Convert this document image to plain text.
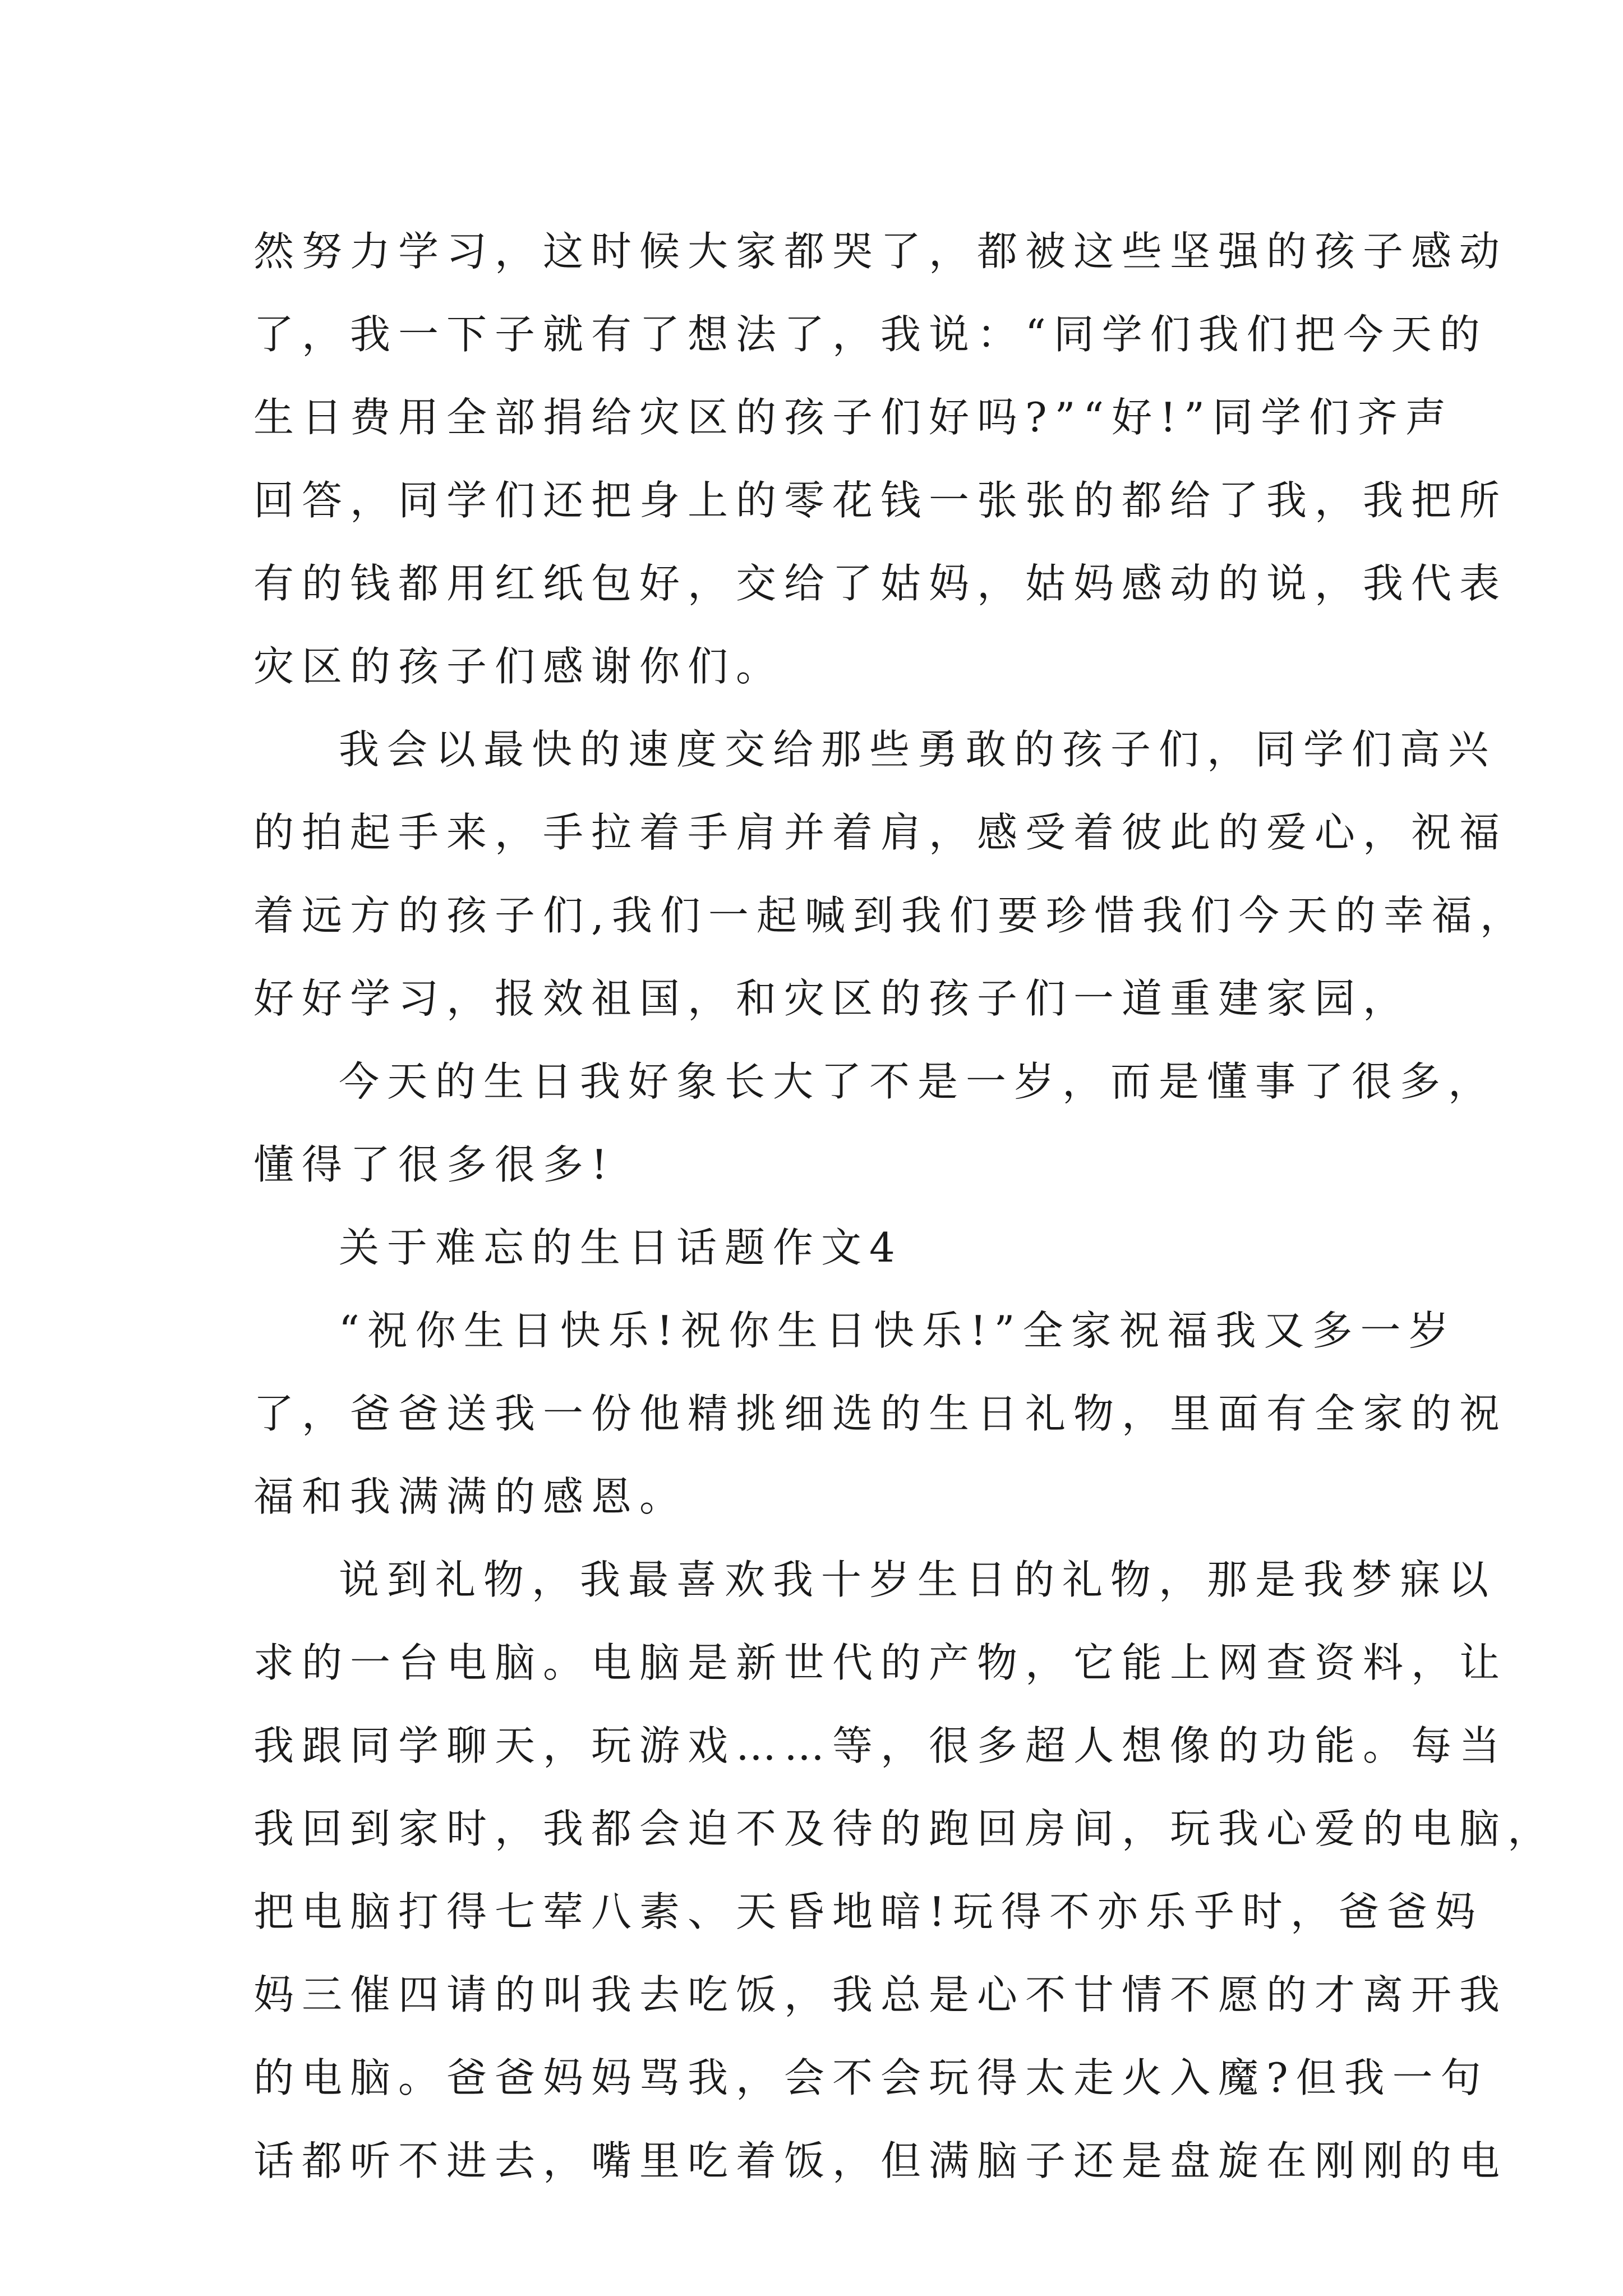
然努力学习，这时候大家都哭了，都被这些坚强的孩子感动

了，我一下子就有了想法了，我说：“同学们我们把今天的

生日费用全部捐给灾区的孩子们好吗?”“好!”同学们齐声

回答，同学们还把身上的零花钱一张张的都给了我，我把所

有的钱都用红纸包好，交给了姑妈，姑妈感动的说，我代表

灾区的孩子们感谢你们。

我会以最快的速度交给那些勇敢的孩子们，同学们高兴

的拍起手来，手拉着手肩并着肩，感受着彼此的爱心，祝福

着远方的孩子们,我们一起喊到我们要珍惜我们今天的幸福，

好好学习，报效祖国，和灾区的孩子们一道重建家园，

今天的生日我好象长大了不是一岁，而是懂事了很多，

懂得了很多很多!

关于难忘的生日话题作文4

“祝你生日快乐!祝你生日快乐!”全家祝福我又多一岁

了，爸爸送我一份他精挑细选的生日礼物，里面有全家的祝

福和我满满的感恩。

说到礼物，我最喜欢我十岁生日的礼物，那是我梦寐以

求的一台电脑。电脑是新世代的产物，它能上网查资料，让

我跟同学聊天，玩游戏……等，很多超人想像的功能。每当

我回到家时，我都会迫不及待的跑回房间，玩我心爱的电脑，

把电脑打得七荤八素、天昏地暗!玩得不亦乐乎时，爸爸妈

妈三催四请的叫我去吃饭，我总是心不甘情不愿的才离开我

的电脑。爸爸妈妈骂我，会不会玩得太走火入魔?但我一句

话都听不进去，嘴里吃着饭，但满脑子还是盘旋在刚刚的电
